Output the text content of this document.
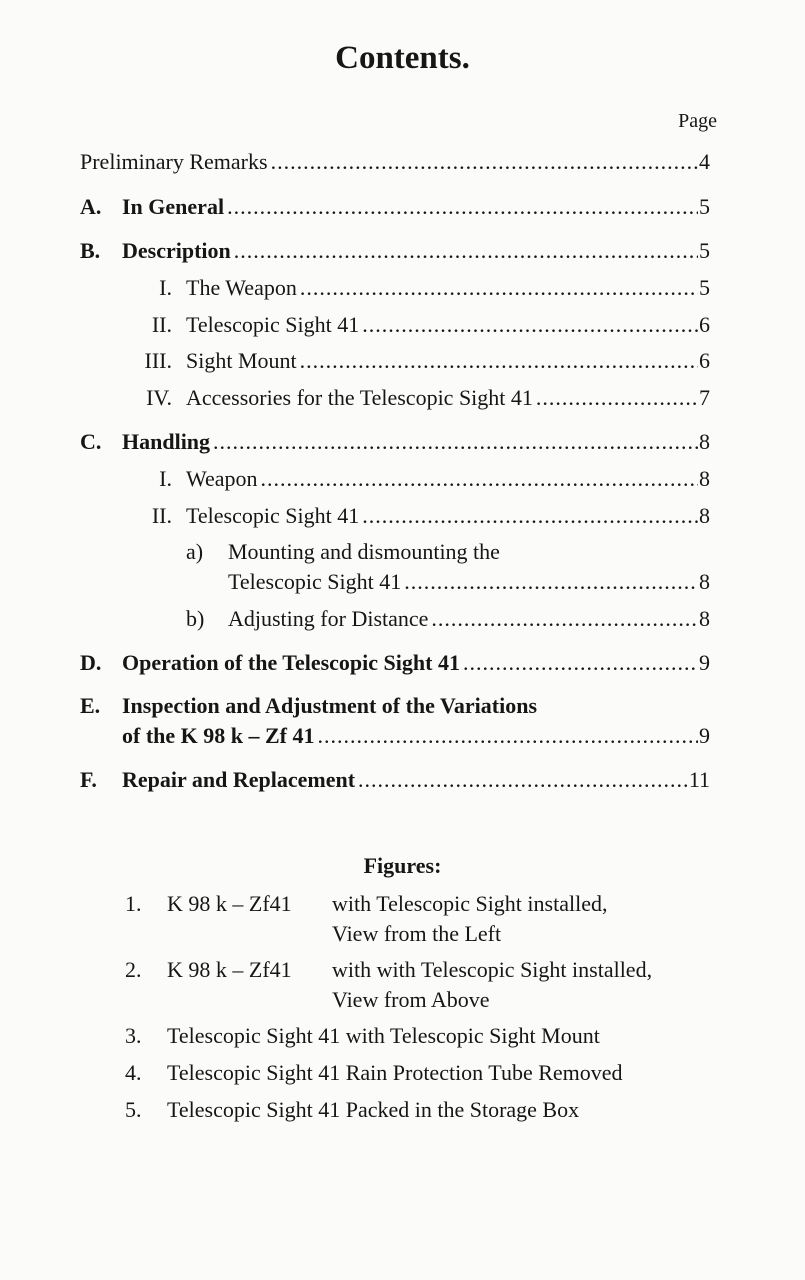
Contents.
Page
Preliminary Remarks .....	4
A. In General .....	5
B. Description .....	5
I. The Weapon .....	5
II. Telescopic Sight 41 .....	6
III. Sight Mount .....	6
IV. Accessories for the Telescopic Sight 41 .....	7
C. Handling .....	8
I. Weapon .....	8
II. Telescopic Sight 41 .....	8
a) Mounting and dismounting the
Telescopic Sight 41 .....	8
b)	Adjusting for Distance .....	8
D. Operation of the Telescopic Sight 41 .....	9
E. Inspection and Adjustment of the Variations
of the K 98 k – Zf 41 .....	9
F.	Repair and Replacement .....	11
Figures:
1. K 98 k – Zf41 with Telescopic Sight installed,
View from the Left
2. K 98 k – Zf41 with with Telescopic Sight installed,
View from Above
3. Telescopic Sight 41 with Telescopic Sight Mount
4. Telescopic Sight 41 Rain Protection Tube Removed
5. Telescopic Sight 41 Packed in the Storage Box
